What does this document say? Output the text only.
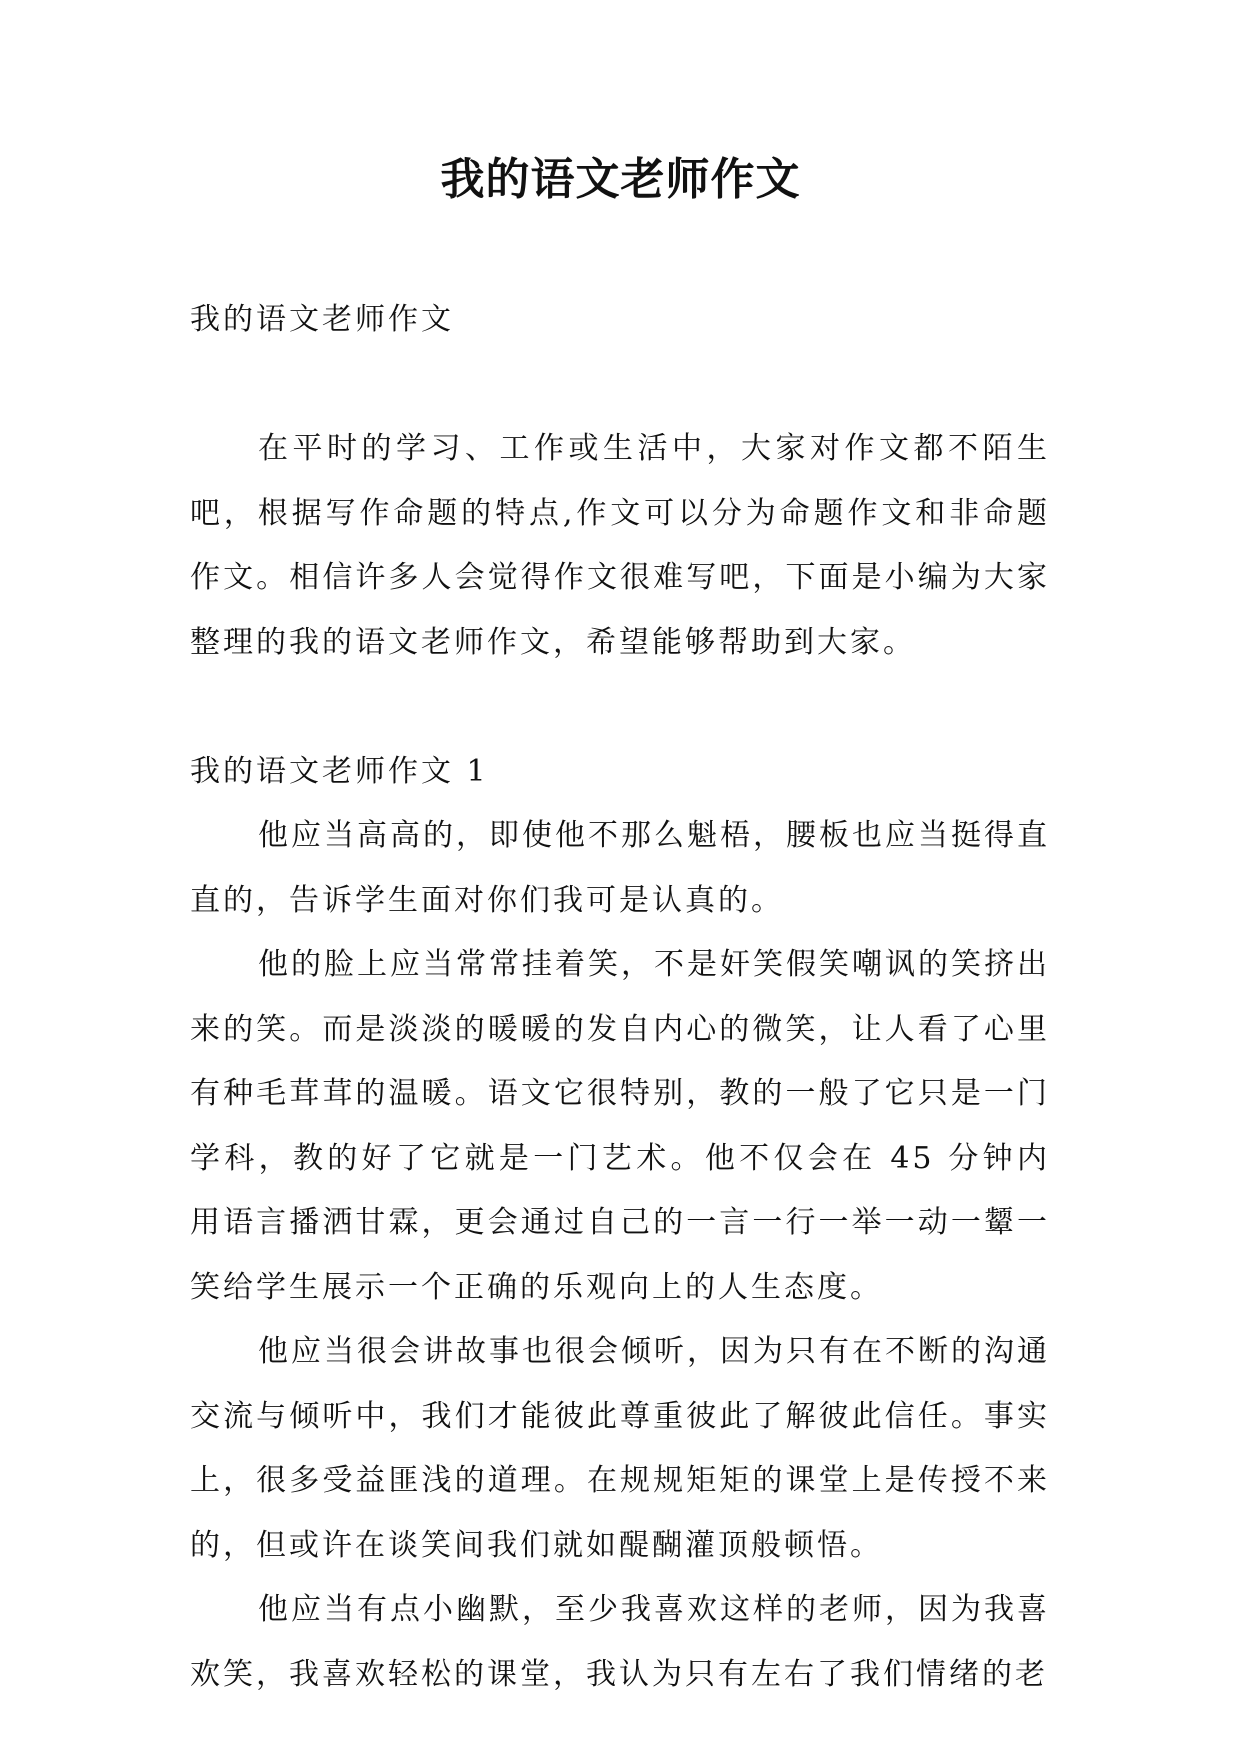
我的语文老师作文

我的语文老师作文

在平时的学习、工作或生活中，大家对作文都不陌生吧，根据写作命题的特点,作文可以分为命题作文和非命题作文。相信许多人会觉得作文很难写吧，下面是小编为大家整理的我的语文老师作文，希望能够帮助到大家。

我的语文老师作文 1

他应当高高的，即使他不那么魁梧，腰板也应当挺得直直的，告诉学生面对你们我可是认真的。

他的脸上应当常常挂着笑，不是奸笑假笑嘲讽的笑挤出来的笑。而是淡淡的暖暖的发自内心的微笑，让人看了心里有种毛茸茸的温暖。语文它很特别，教的一般了它只是一门学科，教的好了它就是一门艺术。他不仅会在 45 分钟内用语言播洒甘霖，更会通过自己的一言一行一举一动一颦一笑给学生展示一个正确的乐观向上的人生态度。

他应当很会讲故事也很会倾听，因为只有在不断的沟通交流与倾听中，我们才能彼此尊重彼此了解彼此信任。事实上，很多受益匪浅的道理。在规规矩矩的课堂上是传授不来的，但或许在谈笑间我们就如醍醐灌顶般顿悟。

他应当有点小幽默，至少我喜欢这样的老师，因为我喜欢笑，我喜欢轻松的课堂，我认为只有左右了我们情绪的老
